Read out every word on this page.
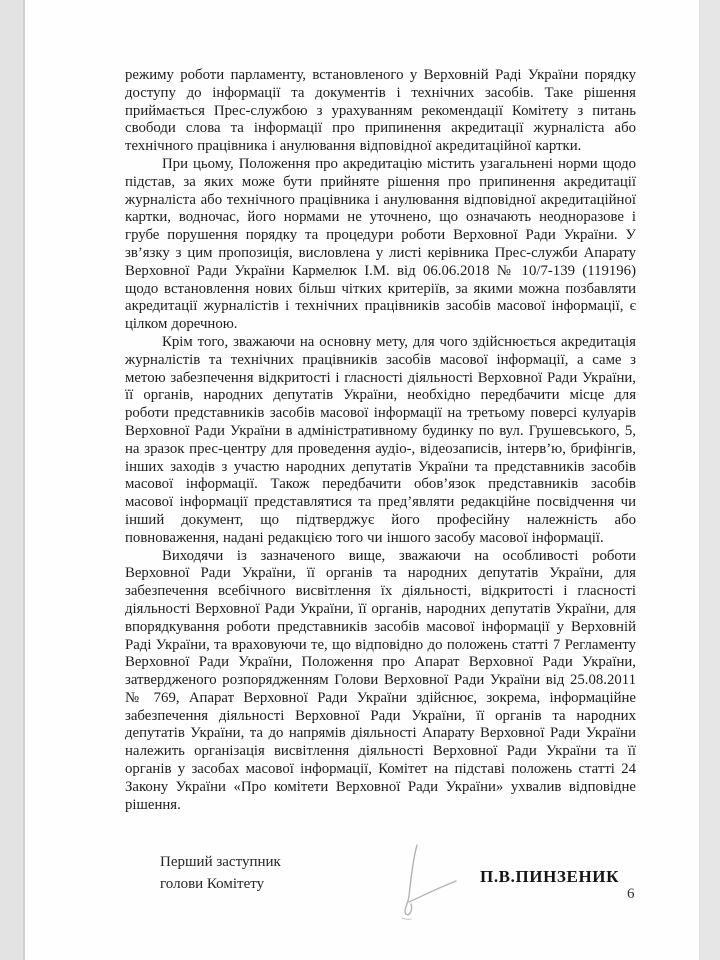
режиму роботи парламенту, встановленого у Верховній Раді України порядку доступу до інформації та документів і технічних засобів. Таке рішення приймається Прес-службою з урахуванням рекомендації Комітету з питань свободи слова та інформації про припинення акредитації журналіста або технічного працівника і анулювання відповідної акредитаційної картки.

При цьому, Положення про акредитацію містить узагальнені норми щодо підстав, за яких може бути прийняте рішення про припинення акредитації журналіста або технічного працівника і анулювання відповідної акредитаційної картки, водночас, його нормами не уточнено, що означають неодноразове і грубе порушення порядку та процедури роботи Верховної Ради України. У зв’язку з цим пропозиція, висловлена у листі керівника Прес-служби Апарату Верховної Ради України Кармелюк І.М. від 06.06.2018 № 10/7-139 (119196) щодо встановлення нових більш чітких критеріїв, за якими можна позбавляти акредитації журналістів і технічних працівників засобів масової інформації, є цілком доречною.

Крім того, зважаючи на основну мету, для чого здійснюється акредитація журналістів та технічних працівників засобів масової інформації, а саме з метою забезпечення відкритості і гласності діяльності Верховної Ради України, її органів, народних депутатів України, необхідно передбачити місце для роботи представників засобів масової інформації на третьому поверсі кулуарів Верховної Ради України в адміністративному будинку по вул. Грушевського, 5, на зразок прес-центру для проведення аудіо-, відеозаписів, інтерв’ю, брифінгів, інших заходів з участю народних депутатів України та представників засобів масової інформації. Також передбачити обов’язок представників засобів масової інформації представлятися та пред’являти редакційне посвідчення чи інший документ, що підтверджує його професійну належність або повноваження, надані редакцією того чи іншого засобу масової інформації.

Виходячи із зазначеного вище, зважаючи на особливості роботи Верховної Ради України, її органів та народних депутатів України, для забезпечення всебічного висвітлення їх діяльності, відкритості і гласності діяльності Верховної Ради України, її органів, народних депутатів України, для впорядкування роботи представників засобів масової інформації у Верховній Раді України, та враховуючи те, що відповідно до положень статті 7 Регламенту Верховної Ради України, Положення про Апарат Верховної Ради України, затвердженого розпорядженням Голови Верховної Ради України від 25.08.2011 № 769, Апарат Верховної Ради України здійснює, зокрема, інформаційне забезпечення діяльності Верховної Ради України, її органів та народних депутатів України, та до напрямів діяльності Апарату Верховної Ради України належить організація висвітлення діяльності Верховної Ради України та її органів у засобах масової інформації, Комітет на підставі положень статті 24 Закону України «Про комітети Верховної Ради України» ухвалив відповідне рішення.

Перший заступник
голови Комітету	П.В.ПИНЗЕНИК
6
